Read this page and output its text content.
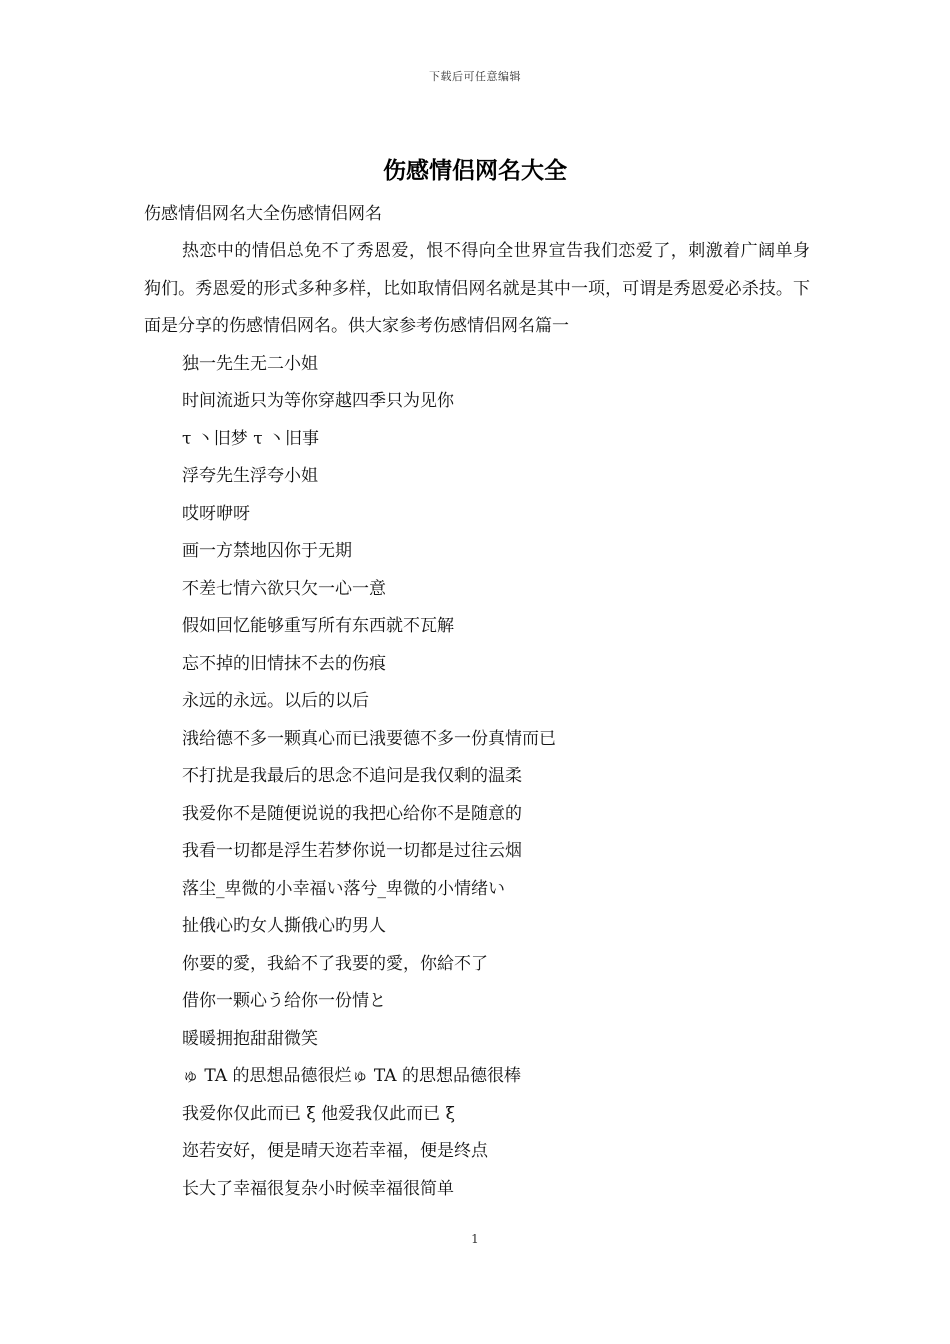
下载后可任意编辑
伤感情侣网名大全

伤感情侣网名大全伤感情侣网名

热恋中的情侣总免不了秀恩爱，恨不得向全世界宣告我们恋爱了，刺激着广阔单身狗们。秀恩爱的形式多种多样，比如取情侣网名就是其中一项，可谓是秀恩爱必杀技。下面是分享的伤感情侣网名。供大家参考伤感情侣网名篇一

独一先生无二小姐
时间流逝只为等你穿越四季只为见你
τ 丶旧梦 τ 丶旧事
浮夸先生浮夸小姐
哎呀咿呀
画一方禁地囚你于无期
不差七情六欲只欠一心一意
假如回忆能够重写所有东西就不瓦解
忘不掉的旧情抹不去的伤痕
永远的永远。以后的以后
涐给德不多一颗真心而已涐要德不多一份真情而已
不打扰是我最后的思念不追问是我仅剩的温柔
我爱你不是随便说说的我把心给你不是随意的
我看一切都是浮生若梦你说一切都是过往云烟
落尘_卑微的小幸福い落兮_卑微的小情绪い
扯俄心旳女人撕俄心旳男人
你要的愛，我給不了我要的愛，你給不了
借你一颗心う给你一份情と
暖暖拥抱甜甜微笑
ゅ TA 的思想品德很烂ゅ TA 的思想品德很棒
我爱你仅此而已 ξ 他爱我仅此而已 ξ
迩若安好，便是晴天迩若幸福，便是终点
长大了幸福很复杂小时候幸福很简单
1
